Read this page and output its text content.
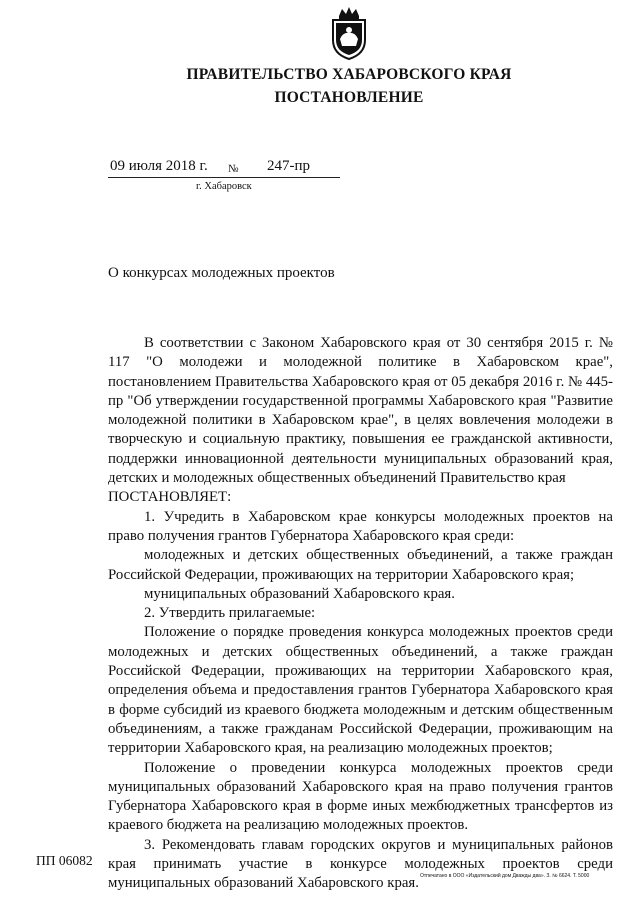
ПРАВИТЕЛЬСТВО ХАБАРОВСКОГО КРАЯ
ПОСТАНОВЛЕНИЕ
09 июля 2018 г. № 247-пр
г. Хабаровск
О конкурсах молодежных проектов

В соответствии с Законом Хабаровского края от 30 сентября 2015 г. № 117 "О молодежи и молодежной политике в Хабаровском крае", постановлением Правительства Хабаровского края от 05 декабря 2016 г. № 445-пр "Об утверждении государственной программы Хабаровского края "Развитие молодежной политики в Хабаровском крае", в целях вовлечения молодежи в творческую и социальную практику, повышения ее гражданской активности, поддержки инновационной деятельности муниципальных образований края, детских и молодежных общественных объединений Правительство края

ПОСТАНОВЛЯЕТ:

1. Учредить в Хабаровском крае конкурсы молодежных проектов на право получения грантов Губернатора Хабаровского края среди:

молодежных и детских общественных объединений, а также граждан Российской Федерации, проживающих на территории Хабаровского края;

муниципальных образований Хабаровского края.

2. Утвердить прилагаемые:

Положение о порядке проведения конкурса молодежных проектов среди молодежных и детских общественных объединений, а также граждан Российской Федерации, проживающих на территории Хабаровского края, определения объема и предоставления грантов Губернатора Хабаровского края в форме субсидий из краевого бюджета молодежным и детским общественным объединениям, а также гражданам Российской Федерации, проживающим на территории Хабаровского края, на реализацию молодежных проектов;

Положение о проведении конкурса молодежных проектов среди муниципальных образований Хабаровского края на право получения грантов Губернатора Хабаровского края в форме иных межбюджетных трансфертов из краевого бюджета на реализацию молодежных проектов.

3. Рекомендовать главам городских округов и муниципальных районов края принимать участие в конкурсе молодежных проектов среди муниципальных образований Хабаровского края.

ПП 06082
Отпечатано в ООО «Издательский дом Дважды два». З. № 6624. Т. 5000
